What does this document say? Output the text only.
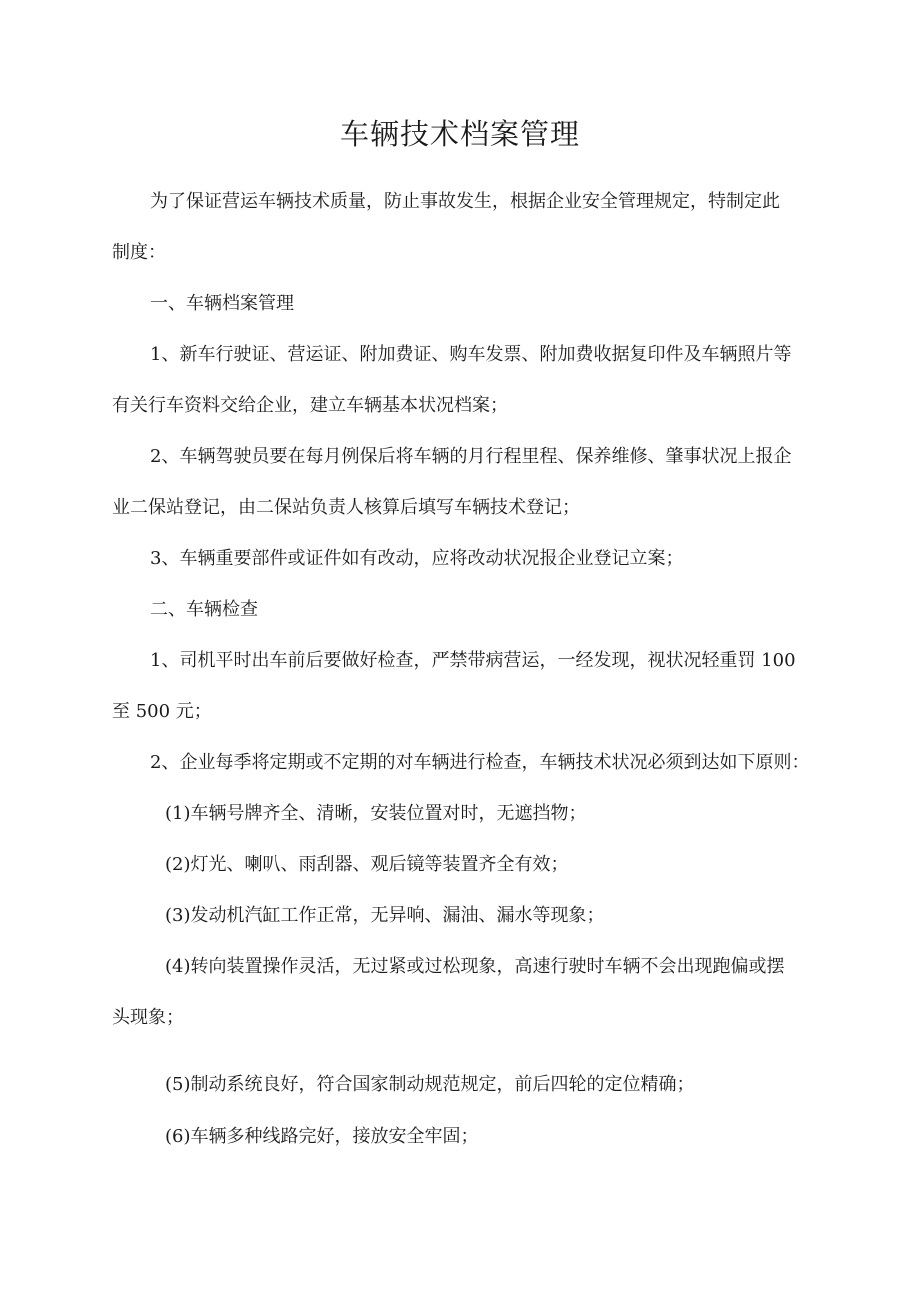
车辆技术档案管理

为了保证营运车辆技术质量，防止事故发生，根据企业安全管理规定，特制定此

制度：

一、车辆档案管理

1、新车行驶证、营运证、附加费证、购车发票、附加费收据复印件及车辆照片等

有关行车资料交给企业，建立车辆基本状况档案；

2、车辆驾驶员要在每月例保后将车辆的月行程里程、保养维修、肇事状况上报企

业二保站登记，由二保站负责人核算后填写车辆技术登记；

3、车辆重要部件或证件如有改动，应将改动状况报企业登记立案；

二、车辆检查

1、司机平时出车前后要做好检查，严禁带病营运，一经发现，视状况轻重罚 100

至 500 元；

2、企业每季将定期或不定期的对车辆进行检查，车辆技术状况必须到达如下原则：

(1)车辆号牌齐全、清晰，安装位置对时，无遮挡物；

(2)灯光、喇叭、雨刮器、观后镜等装置齐全有效；

(3)发动机汽缸工作正常，无异响、漏油、漏水等现象；

(4)转向装置操作灵活，无过紧或过松现象，高速行驶时车辆不会出现跑偏或摆

头现象；

(5)制动系统良好，符合国家制动规范规定，前后四轮的定位精确；

(6)车辆多种线路完好，接放安全牢固；
